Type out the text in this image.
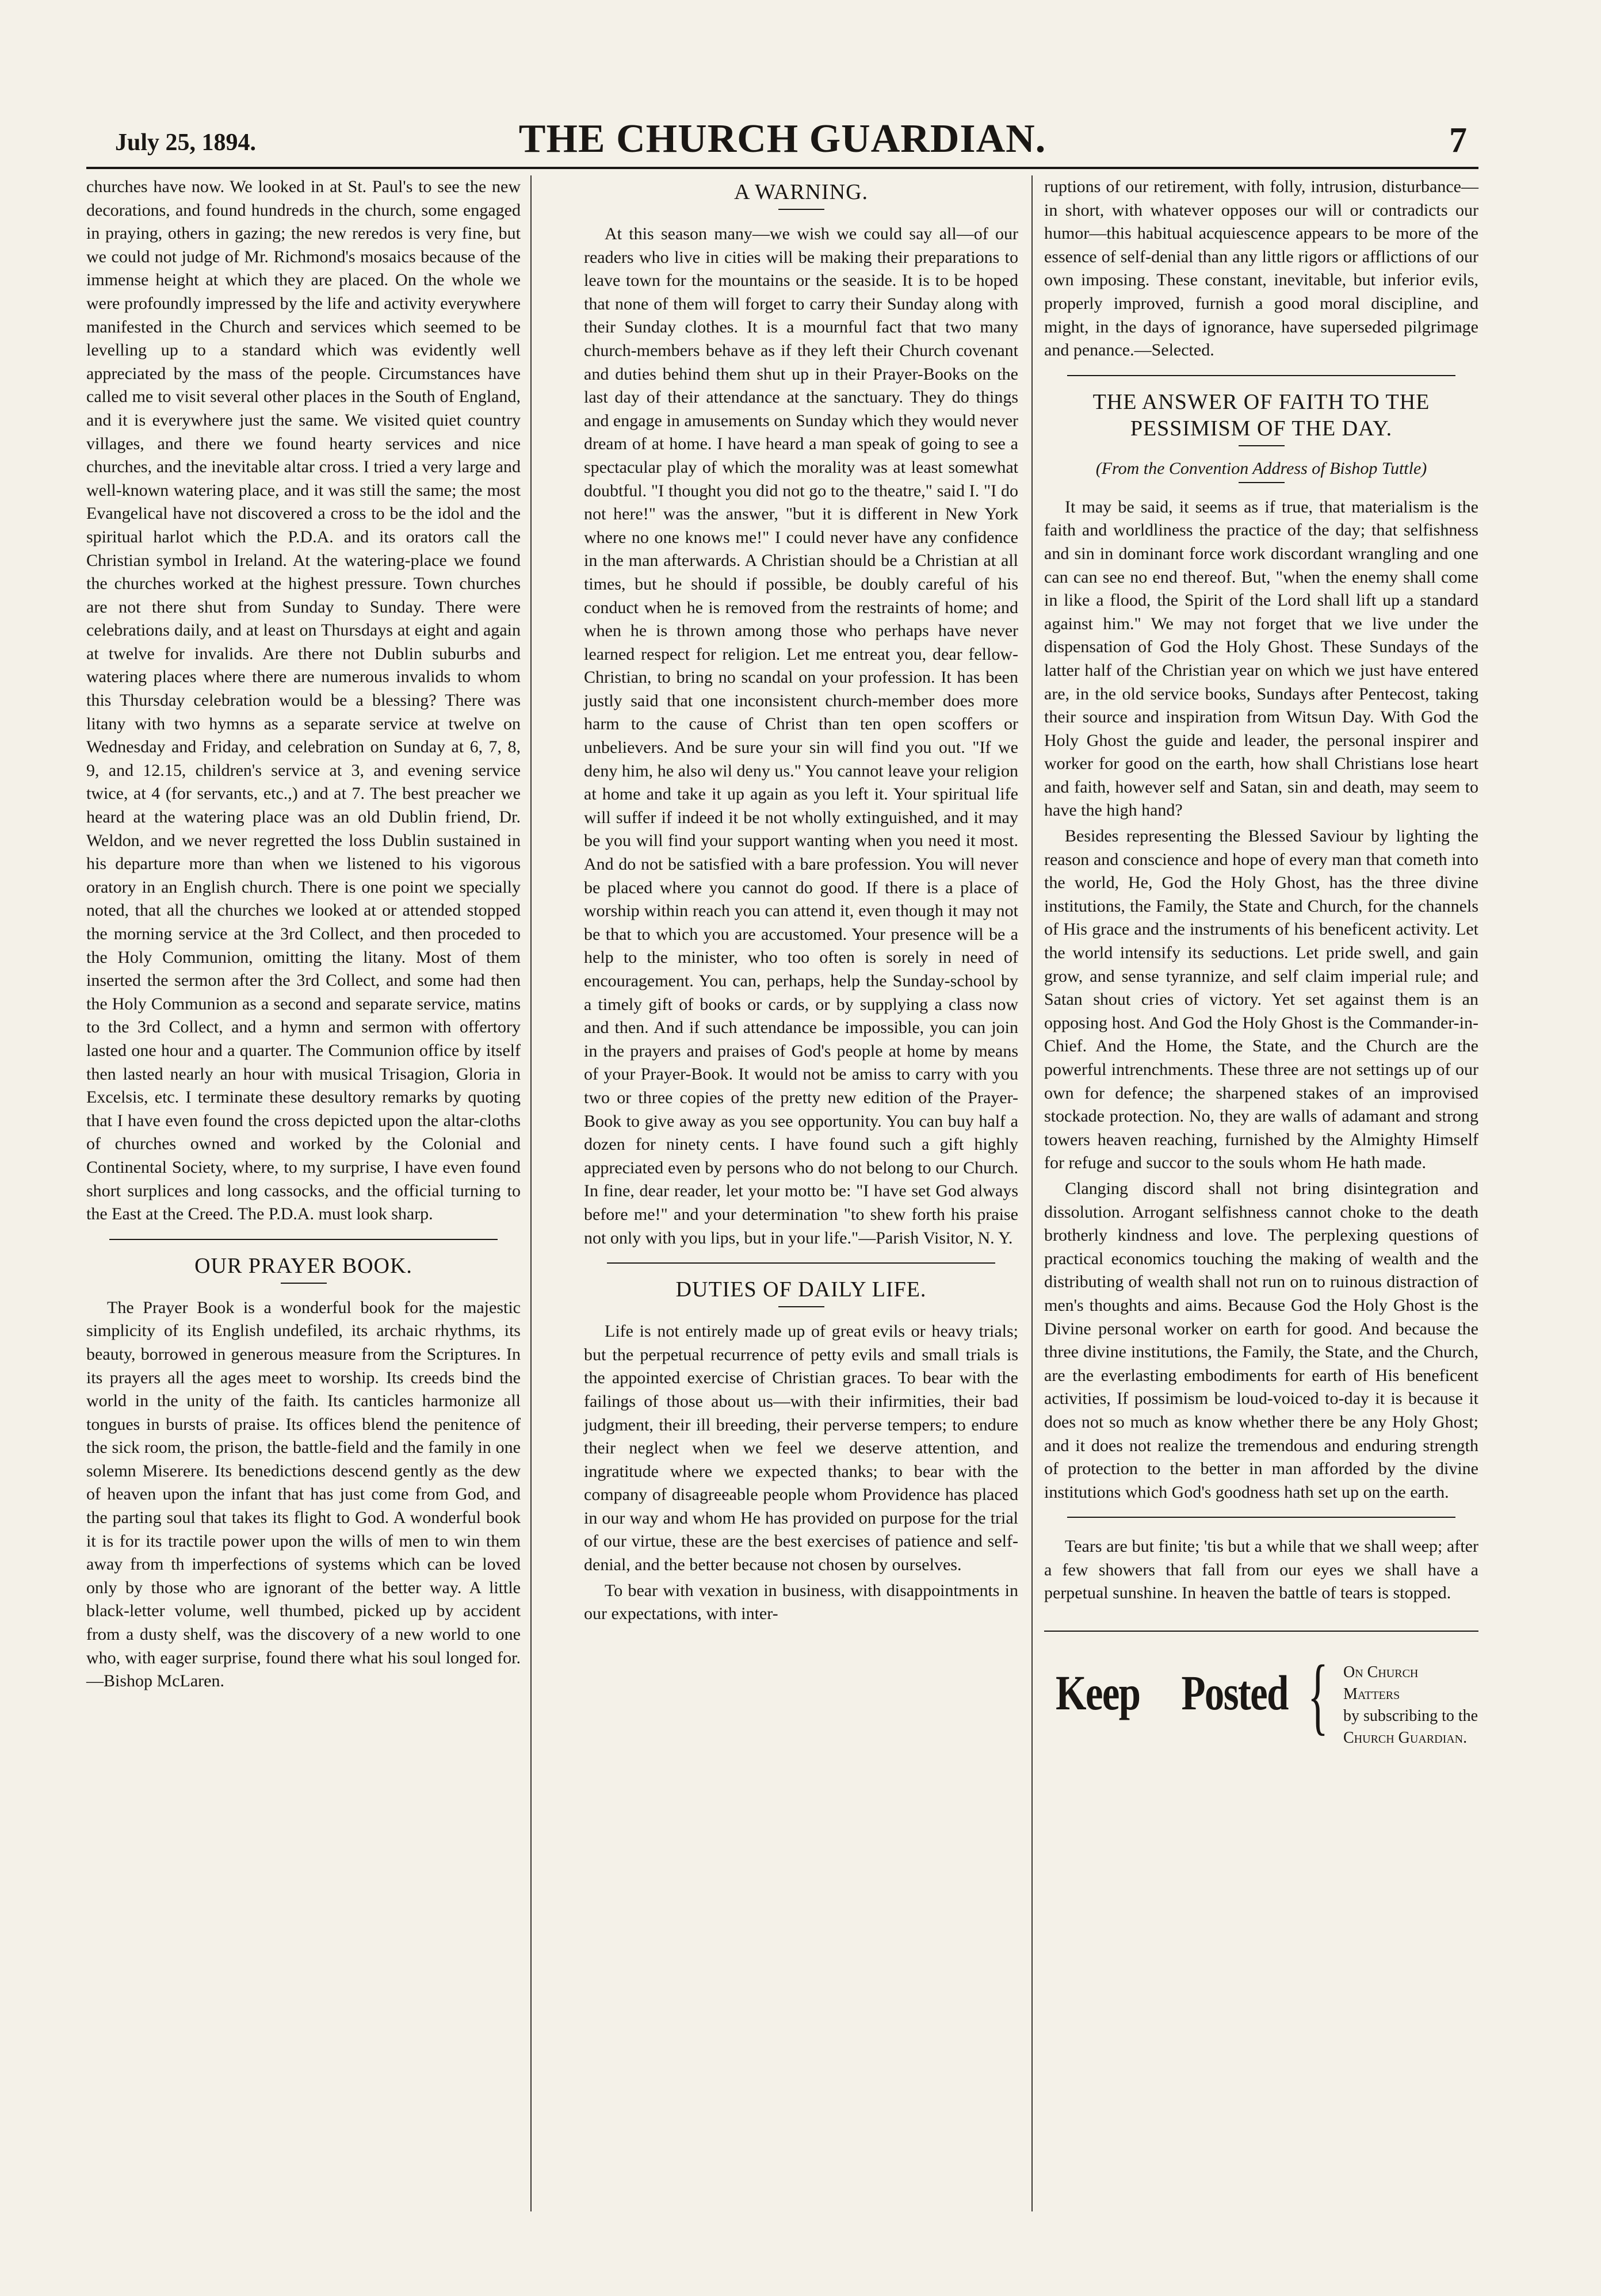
July 25, 1894.	THE CHURCH GUARDIAN.	7

churches have now. We looked in at St. Paul's to see the new decorations, and found hundreds in the church, some engaged in praying, others in gazing; the new reredos is very fine, but we could not judge of Mr. Richmond's mosaics because of the immense height at which they are placed. On the whole we were profoundly impressed by the life and activity everywhere manifested in the Church and services which seemed to be levelling up to a standard which was evidently well appreciated by the mass of the people. Circumstances have called me to visit several other places in the South of England, and it is everywhere just the same. We visited quiet country villages, and there we found hearty services and nice churches, and the inevitable altar cross. I tried a very large and well-known watering place, and it was still the same; the most Evangelical have not discovered a cross to be the idol and the spiritual harlot which the P.D.A. and its orators call the Christian symbol in Ireland. At the watering-place we found the churches worked at the highest pressure. Town churches are not there shut from Sunday to Sunday. There were celebrations daily, and at least on Thursdays at eight and again at twelve for invalids. Are there not Dublin suburbs and watering places where there are numerous invalids to whom this Thursday celebration would be a blessing? There was litany with two hymns as a separate service at twelve on Wednesday and Friday, and celebration on Sunday at 6, 7, 8, 9, and 12.15, children's service at 3, and evening service twice, at 4 (for servants, etc.,) and at 7. The best preacher we heard at the watering place was an old Dublin friend, Dr. Weldon, and we never regretted the loss Dublin sustained in his departure more than when we listened to his vigorous oratory in an English church. There is one point we specially noted, that all the churches we looked at or attended stopped the morning service at the 3rd Collect, and then proceded to the Holy Communion, omitting the litany. Most of them inserted the sermon after the 3rd Collect, and some had then the Holy Communion as a second and separate service, matins to the 3rd Collect, and a hymn and sermon with offertory lasted one hour and a quarter. The Communion office by itself then lasted nearly an hour with musical Trisagion, Gloria in Excelsis, etc. I terminate these desultory remarks by quoting that I have even found the cross depicted upon the altar-cloths of churches owned and worked by the Colonial and Continental Society, where, to my surprise, I have even found short surplices and long cassocks, and the official turning to the East at the Creed. The P.D.A. must look sharp.

OUR PRAYER BOOK.

The Prayer Book is a wonderful book for the majestic simplicity of its English undefiled, its archaic rhythms, its beauty, borrowed in generous measure from the Scriptures. In its prayers all the ages meet to worship. Its creeds bind the world in the unity of the faith. Its canticles harmonize all tongues in bursts of praise. Its offices blend the penitence of the sick room, the prison, the battle-field and the family in one solemn Miserere. Its benedictions descend gently as the dew of heaven upon the infant that has just come from God, and the parting soul that takes its flight to God. A wonderful book it is for its tractile power upon the wills of men to win them away from th imperfections of systems which can be loved only by those who are ignorant of the better way. A little black-letter volume, well thumbed, picked up by accident from a dusty shelf, was the discovery of a new world to one who, with eager surprise, found there what his soul longed for.—Bishop McLaren.

A WARNING.

At this season many—we wish we could say all—of our readers who live in cities will be making their preparations to leave town for the mountains or the seaside. It is to be hoped that none of them will forget to carry their Sunday along with their Sunday clothes. It is a mournful fact that two many church-members behave as if they left their Church covenant and duties behind them shut up in their Prayer-Books on the last day of their attendance at the sanctuary. They do things and engage in amusements on Sunday which they would never dream of at home. I have heard a man speak of going to see a spectacular play of which the morality was at least somewhat doubtful. "I thought you did not go to the theatre," said I. "I do not here!" was the answer, "but it is different in New York where no one knows me!" I could never have any confidence in the man afterwards. A Christian should be a Christian at all times, but he should if possible, be doubly careful of his conduct when he is removed from the restraints of home; and when he is thrown among those who perhaps have never learned respect for religion. Let me entreat you, dear fellow-Christian, to bring no scandal on your profession. It has been justly said that one inconsistent church-member does more harm to the cause of Christ than ten open scoffers or unbelievers. And be sure your sin will find you out. "If we deny him, he also wil deny us." You cannot leave your religion at home and take it up again as you left it. Your spiritual life will suffer if indeed it be not wholly extinguished, and it may be you will find your support wanting when you need it most. And do not be satisfied with a bare profession. You will never be placed where you cannot do good. If there is a place of worship within reach you can attend it, even though it may not be that to which you are accustomed. Your presence will be a help to the minister, who too often is sorely in need of encouragement. You can, perhaps, help the Sunday-school by a timely gift of books or cards, or by supplying a class now and then. And if such attendance be impossible, you can join in the prayers and praises of God's people at home by means of your Prayer-Book. It would not be amiss to carry with you two or three copies of the pretty new edition of the Prayer-Book to give away as you see opportunity. You can buy half a dozen for ninety cents. I have found such a gift highly appreciated even by persons who do not belong to our Church. In fine, dear reader, let your motto be: "I have set God always before me!" and your determination "to shew forth his praise not only with you lips, but in your life."—Parish Visitor, N. Y.

DUTIES OF DAILY LIFE.

Life is not entirely made up of great evils or heavy trials; but the perpetual recurrence of petty evils and small trials is the appointed exercise of Christian graces. To bear with the failings of those about us—with their infirmities, their bad judgment, their ill breeding, their perverse tempers; to endure their neglect when we feel we deserve attention, and ingratitude where we expected thanks; to bear with the company of disagreeable people whom Providence has placed in our way and whom He has provided on purpose for the trial of our virtue, these are the best exercises of patience and self-denial, and the better because not chosen by ourselves.

To bear with vexation in business, with disappointments in our expectations, with inter-

ruptions of our retirement, with folly, intrusion, disturbance—in short, with whatever opposes our will or contradicts our humor—this habitual acquiescence appears to be more of the essence of self-denial than any little rigors or afflictions of our own imposing. These constant, inevitable, but inferior evils, properly improved, furnish a good moral discipline, and might, in the days of ignorance, have superseded pilgrimage and penance.—Selected.

THE ANSWER OF FAITH TO THE PESSIMISM OF THE DAY.
(From the Convention Address of Bishop Tuttle)

It may be said, it seems as if true, that materialism is the faith and worldliness the practice of the day; that selfishness and sin in dominant force work discordant wrangling and one can can see no end thereof. But, "when the enemy shall come in like a flood, the Spirit of the Lord shall lift up a standard against him." We may not forget that we live under the dispensation of God the Holy Ghost. These Sundays of the latter half of the Christian year on which we just have entered are, in the old service books, Sundays after Pentecost, taking their source and inspiration from Witsun Day. With God the Holy Ghost the guide and leader, the personal inspirer and worker for good on the earth, how shall Christians lose heart and faith, however self and Satan, sin and death, may seem to have the high hand?

Besides representing the Blessed Saviour by lighting the reason and conscience and hope of every man that cometh into the world, He, God the Holy Ghost, has the three divine institutions, the Family, the State and Church, for the channels of His grace and the instruments of his beneficent activity. Let the world intensify its seductions. Let pride swell, and gain grow, and sense tyrannize, and self claim imperial rule; and Satan shout cries of victory. Yet set against them is an opposing host. And God the Holy Ghost is the Commander-in-Chief. And the Home, the State, and the Church are the powerful intrenchments. These three are not settings up of our own for defence; the sharpened stakes of an improvised stockade protection. No, they are walls of adamant and strong towers heaven reaching, furnished by the Almighty Himself for refuge and succor to the souls whom He hath made.

Clanging discord shall not bring disintegration and dissolution. Arrogant selfishness cannot choke to the death brotherly kindness and love. The perplexing questions of practical economics touching the making of wealth and the distributing of wealth shall not run on to ruinous distraction of men's thoughts and aims. Because God the Holy Ghost is the Divine personal worker on earth for good. And because the three divine institutions, the Family, the State, and the Church, are the everlasting embodiments for earth of His beneficent activities, If possimism be loud-voiced to-day it is because it does not so much as know whether there be any Holy Ghost; and it does not realize the tremendous and enduring strength of protection to the better in man afforded by the divine institutions which God's goodness hath set up on the earth.

Tears are but finite; 'tis but a while that we shall weep; after a few showers that fall from our eyes we shall have a perpetual sunshine. In heaven the battle of tears is stopped.

Keep Posted { On Church Matters
by subscribing to the
Church Guardian.
